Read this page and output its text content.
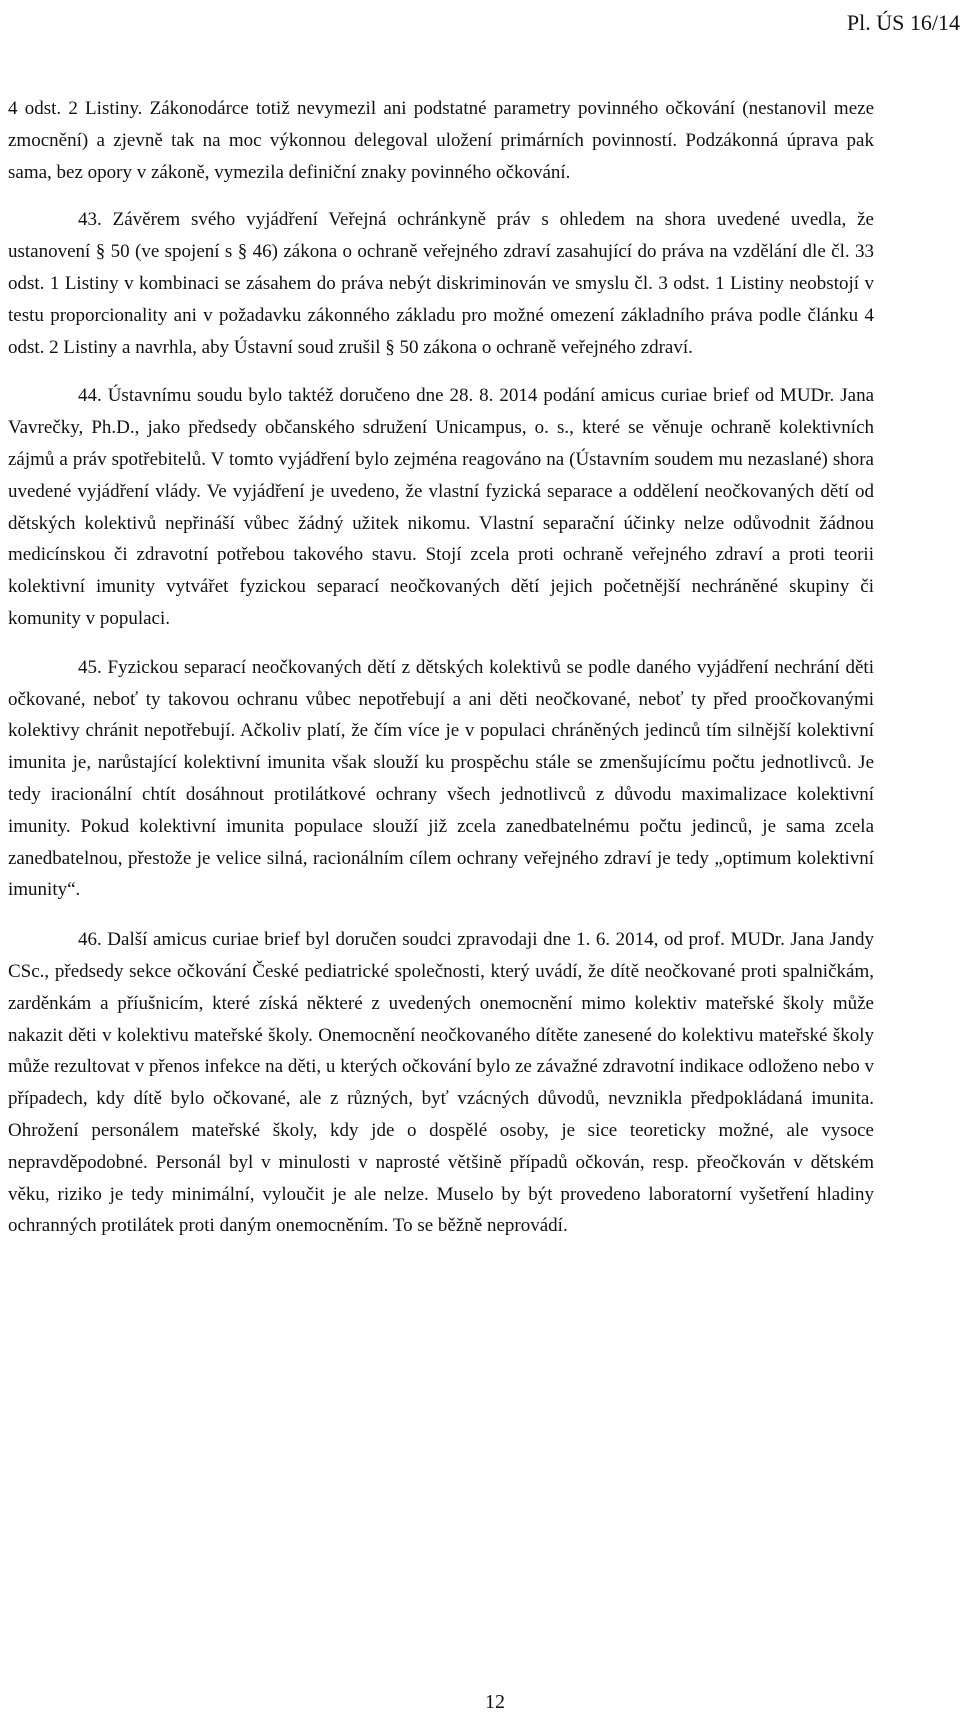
Pl. ÚS 16/14

4 odst. 2 Listiny. Zákonodárce totiž nevymezil ani podstatné parametry povinného očkování (nestanovil meze zmocnění) a zjevně tak na moc výkonnou delegoval uložení primárních povinností. Podzákonná úprava pak sama, bez opory v zákoně, vymezila definiční znaky povinného očkování.

43. Závěrem svého vyjádření Veřejná ochránkyně práv s ohledem na shora uvedené uvedla, že ustanovení § 50 (ve spojení s § 46) zákona o ochraně veřejného zdraví zasahující do práva na vzdělání dle čl. 33 odst. 1 Listiny v kombinaci se zásahem do práva nebýt diskriminován ve smyslu čl. 3 odst. 1 Listiny neobstojí v testu proporcionality ani v požadavku zákonného základu pro možné omezení základního práva podle článku 4 odst. 2 Listiny a navrhla, aby Ústavní soud zrušil § 50 zákona o ochraně veřejného zdraví.

44. Ústavnímu soudu bylo taktéž doručeno dne 28. 8. 2014 podání amicus curiae brief od MUDr. Jana Vavrečky, Ph.D., jako předsedy občanského sdružení Unicampus, o. s., které se věnuje ochraně kolektivních zájmů a práv spotřebitelů. V tomto vyjádření bylo zejména reagováno na (Ústavním soudem mu nezaslané) shora uvedené vyjádření vlády. Ve vyjádření je uvedeno, že vlastní fyzická separace a oddělení neočkovaných dětí od dětských kolektivů nepřináší vůbec žádný užitek nikomu. Vlastní separační účinky nelze odůvodnit žádnou medicínskou či zdravotní potřebou takového stavu. Stojí zcela proti ochraně veřejného zdraví a proti teorii kolektivní imunity vytvářet fyzickou separací neočkovaných dětí jejich početnější nechráněné skupiny či komunity v populaci.

45. Fyzickou separací neočkovaných dětí z dětských kolektivů se podle daného vyjádření nechrání děti očkované, neboť ty takovou ochranu vůbec nepotřebují a ani děti neočkované, neboť ty před proočkovanými kolektivy chránit nepotřebují. Ačkoliv platí, že čím více je v populaci chráněných jedinců tím silnější kolektivní imunita je, narůstající kolektivní imunita však slouží ku prospěchu stále se zmenšujícímu počtu jednotlivců. Je tedy iracionální chtít dosáhnout protilátkové ochrany všech jednotlivců z důvodu maximalizace kolektivní imunity. Pokud kolektivní imunita populace slouží již zcela zanedbatelnému počtu jedinců, je sama zcela zanedbatelnou, přestože je velice silná, racionálním cílem ochrany veřejného zdraví je tedy „optimum kolektivní imunity“.

46. Další amicus curiae brief byl doručen soudci zpravodaji dne 1. 6. 2014, od prof. MUDr. Jana Jandy CSc., předsedy sekce očkování České pediatrické společnosti, který uvádí, že dítě neočkované proti spalničkám, zarděnkám a příušnicím, které získá některé z uvedených onemocnění mimo kolektiv mateřské školy může nakazit děti v kolektivu mateřské školy. Onemocnění neočkovaného dítěte zanesené do kolektivu mateřské školy může rezultovat v přenos infekce na děti, u kterých očkování bylo ze závažné zdravotní indikace odloženo nebo v případech, kdy dítě bylo očkované, ale z různých, byť vzácných důvodů, nevznikla předpokládaná imunita. Ohrožení personálem mateřské školy, kdy jde o dospělé osoby, je sice teoreticky možné, ale vysoce nepravděpodobné. Personál byl v minulosti v naprosté většině případů očkován, resp. přeočkován v dětském věku, riziko je tedy minimální, vyloučit je ale nelze. Muselo by být provedeno laboratorní vyšetření hladiny ochranných protilátek proti daným onemocněním. To se běžně neprovádí.

12
